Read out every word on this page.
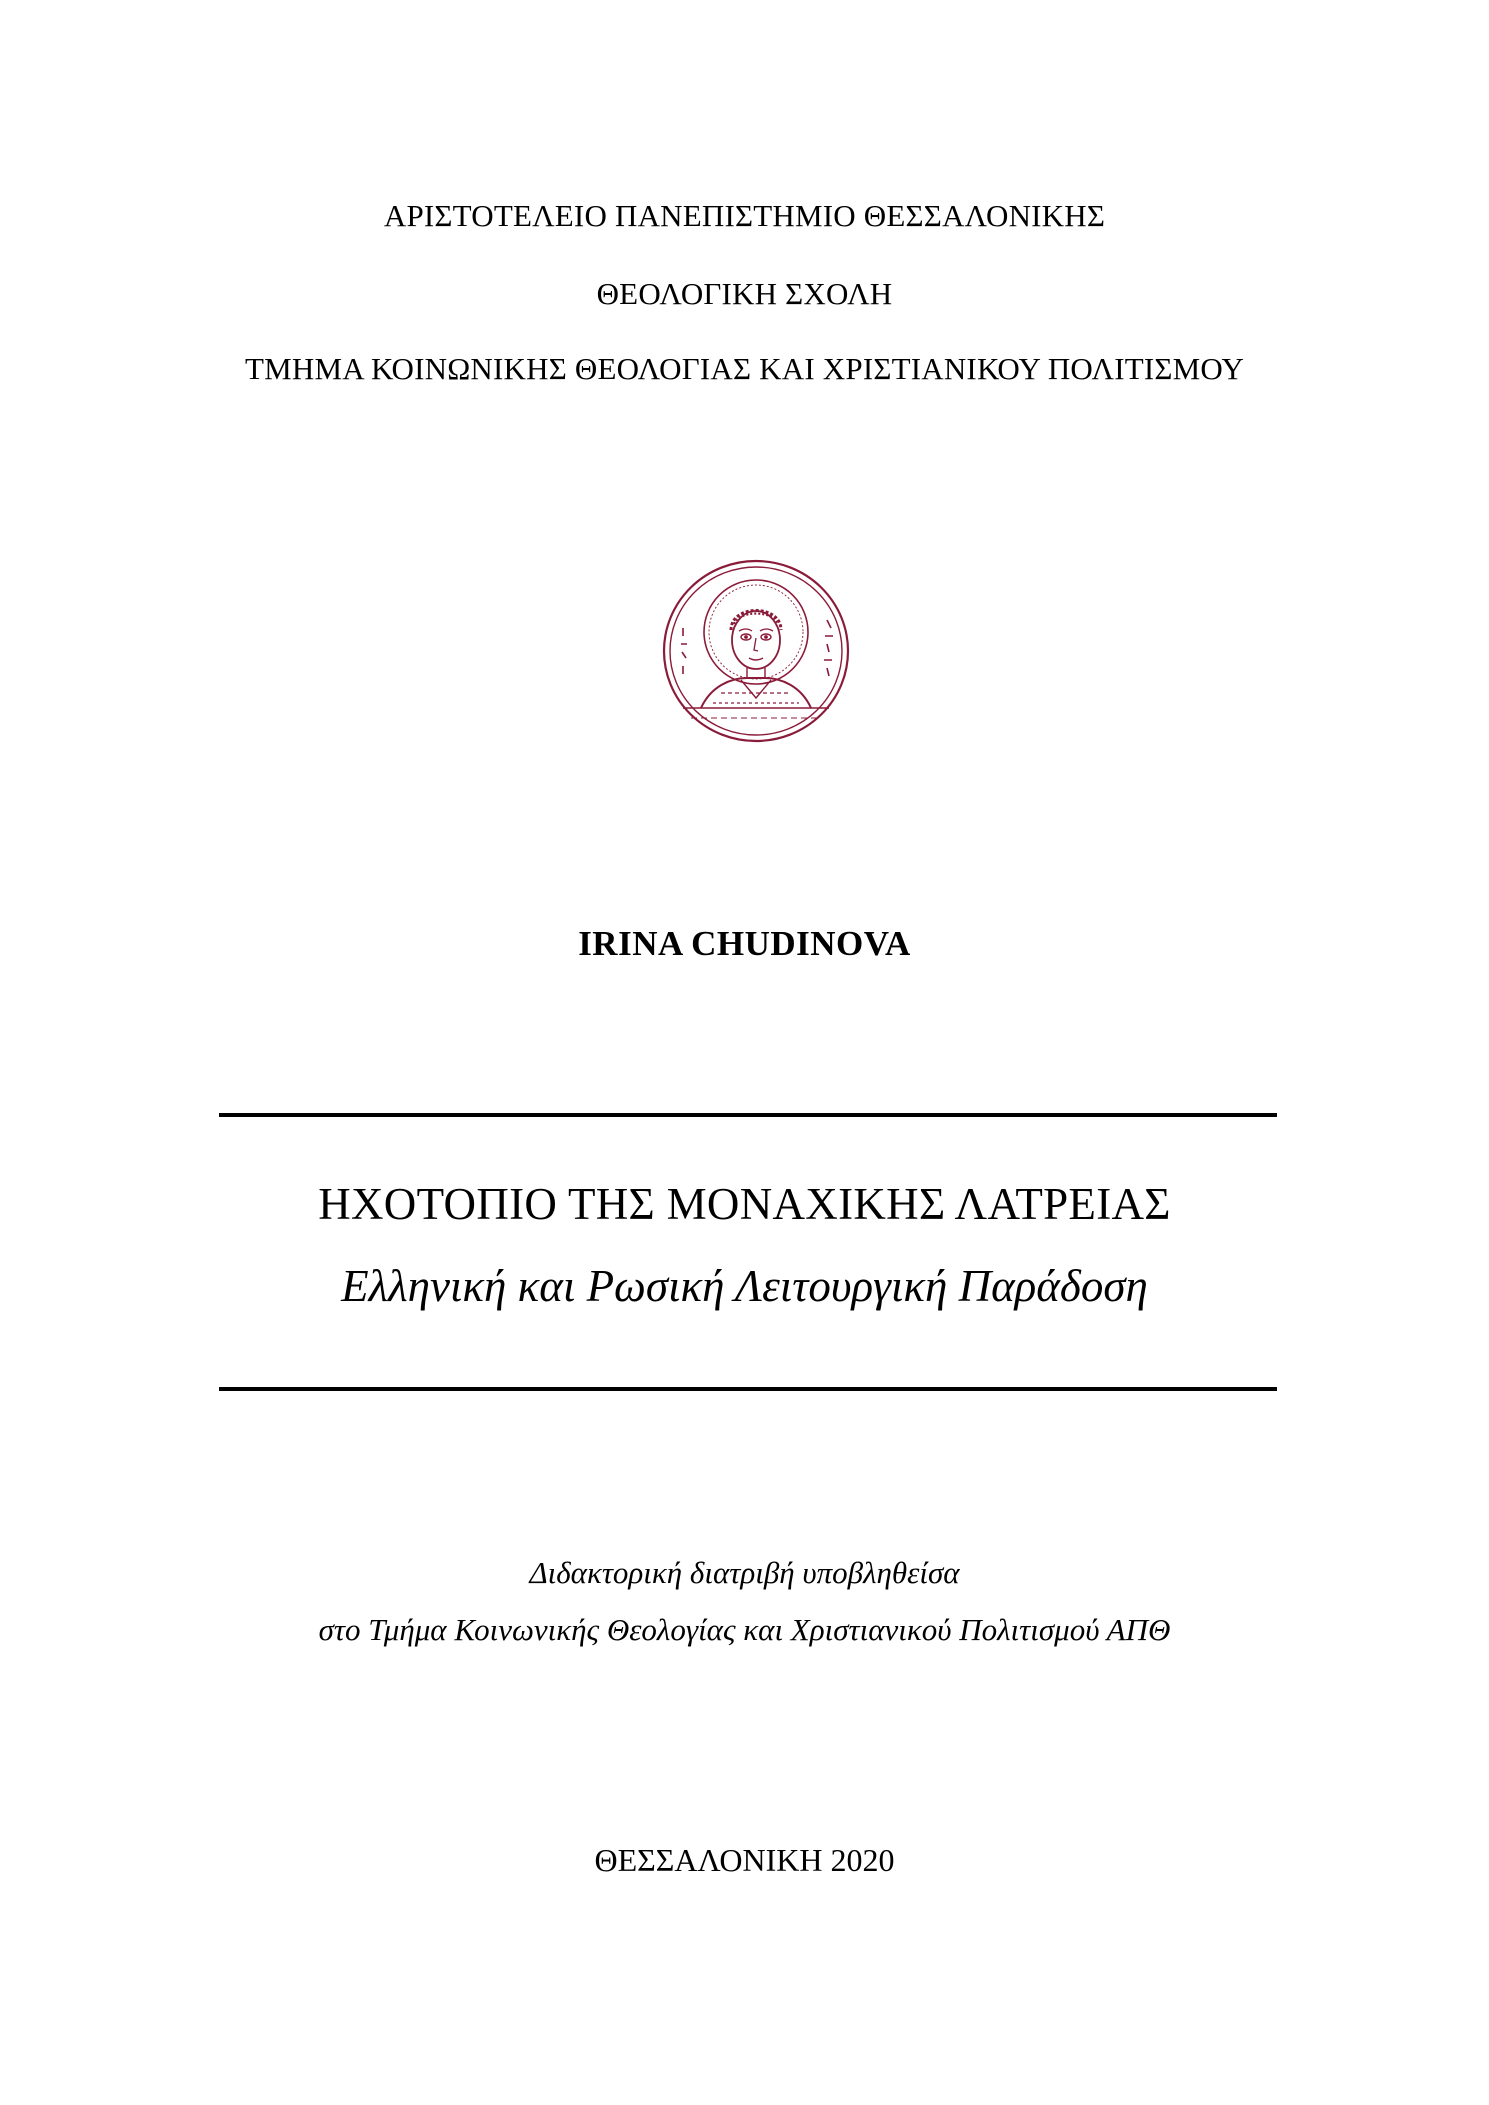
ΑΡΙΣΤΟΤΕΛΕΙΟ ΠΑΝΕΠΙΣΤΗΜΙΟ ΘΕΣΣΑΛΟΝΙΚΗΣ
ΘΕΟΛΟΓΙΚΗ ΣΧΟΛΗ
ΤΜΗΜΑ ΚΟΙΝΩΝΙΚΗΣ ΘΕΟΛΟΓΙΑΣ ΚΑΙ ΧΡΙΣΤΙΑΝΙΚΟΥ ΠΟΛΙΤΙΣΜΟΥ
IRINA CHUDINOVA
ΗΧΟΤΟΠΙΟ ΤΗΣ ΜΟΝΑΧΙΚΗΣ ΛΑΤΡΕΙΑΣ
Ελληνική και Ρωσική Λειτουργική Παράδοση
Διδακτορική διατριβή υποβληθείσα
στο Τμήμα Κοινωνικής Θεολογίας και Χριστιανικού Πολιτισμού ΑΠΘ
ΘΕΣΣΑΛΟΝΙΚΗ 2020
